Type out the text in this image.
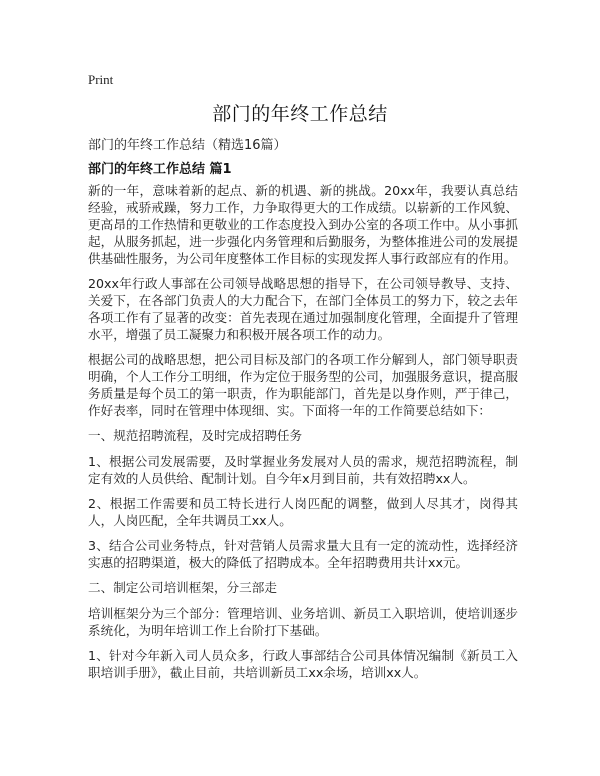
Print
部门的年终工作总结
部门的年终工作总结（精选16篇）
部门的年终工作总结 篇1

新的一年，意味着新的起点、新的机遇、新的挑战。20xx年，我要认真总结经验，戒骄戒躁，努力工作，力争取得更大的工作成绩。以崭新的工作风貌、更高昂的工作热情和更敬业的工作态度投入到办公室的各项工作中。从小事抓起，从服务抓起，进一步强化内务管理和后勤服务，为整体推进公司的发展提供基础性服务，为公司年度整体工作目标的实现发挥人事行政部应有的作用。

20xx年行政人事部在公司领导战略思想的指导下，在公司领导教导、支持、关爱下，在各部门负责人的大力配合下，在部门全体员工的努力下，较之去年各项工作有了显著的改变：首先表现在通过加强制度化管理，全面提升了管理水平，增强了员工凝聚力和积极开展各项工作的动力。

根据公司的战略思想，把公司目标及部门的各项工作分解到人，部门领导职责明确，个人工作分工明细，作为定位于服务型的公司，加强服务意识，提高服务质量是每个员工的第一职责，作为职能部门，首先是以身作则，严于律己，作好表率，同时在管理中体现细、实。下面将一年的工作简要总结如下：

一、规范招聘流程，及时完成招聘任务

1、根据公司发展需要，及时掌握业务发展对人员的需求，规范招聘流程，制定有效的人员供给、配制计划。自今年x月到目前，共有效招聘xx人。

2、根据工作需要和员工特长进行人岗匹配的调整，做到人尽其才，岗得其人，人岗匹配，全年共调员工xx人。

3、结合公司业务特点，针对营销人员需求量大且有一定的流动性，选择经济实惠的招聘渠道，极大的降低了招聘成本。全年招聘费用共计xx元。

二、制定公司培训框架，分三部走

培训框架分为三个部分：管理培训、业务培训、新员工入职培训，使培训逐步系统化，为明年培训工作上台阶打下基础。

1、针对今年新入司人员众多，行政人事部结合公司具体情况编制《新员工入职培训手册》，截止目前，共培训新员工xx余场，培训xx人。
